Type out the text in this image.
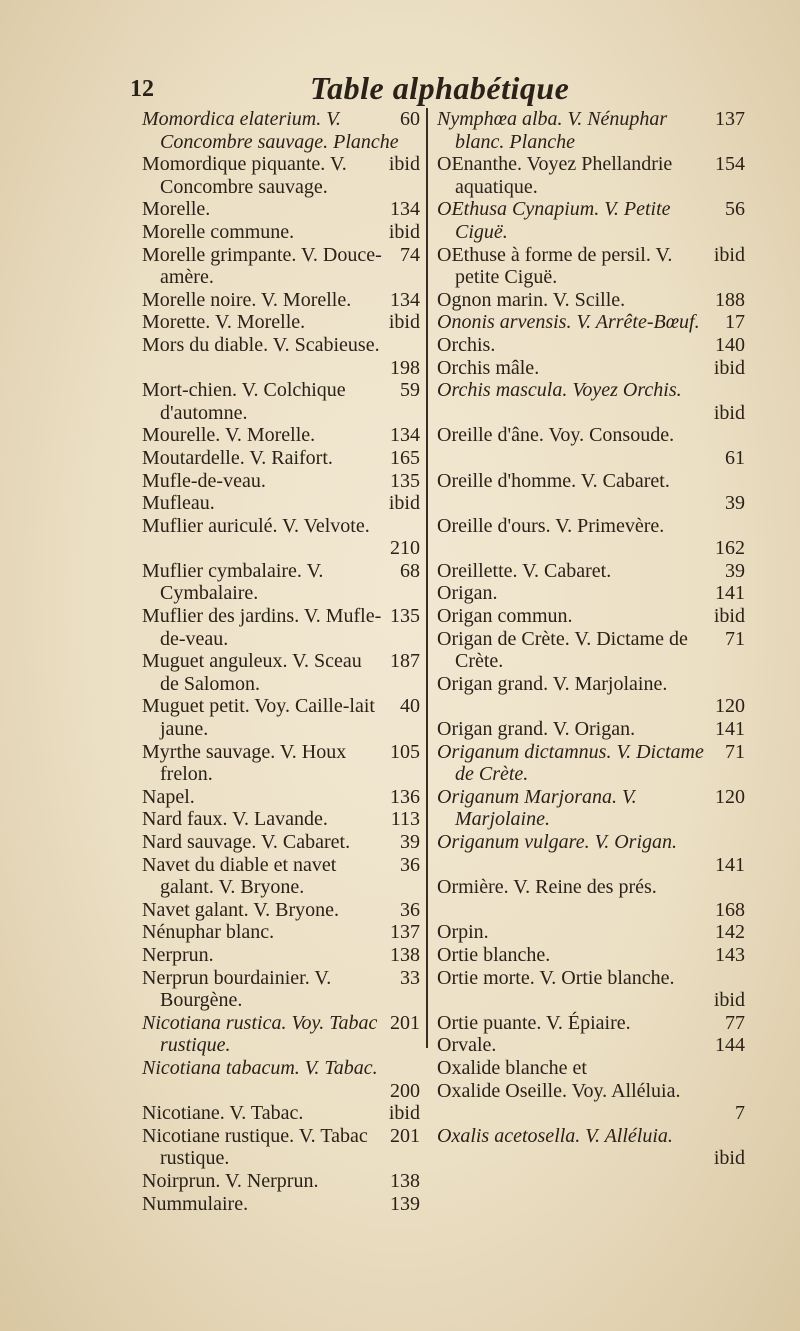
12	Table alphabétique
60
Momordica elaterium. V. Concombre sauvage. Planche
ibid
Momordique piquante. V. Concombre sauvage.
134
Morelle.
ibid
Morelle commune.
74
Morelle grimpante. V. Douce-amère.
134
Morelle noire. V. Morelle.
ibid
Morette. V. Morelle.
Mors du diable. V. Scabieuse.
198
59
Mort-chien. V. Colchique d'automne.
134
Mourelle. V. Morelle.
165
Moutardelle. V. Raifort.
135
Mufle-de-veau.
ibid
Mufleau.
Muflier auriculé. V. Velvote.
210
68
Muflier cymbalaire. V. Cymbalaire.
135
Muflier des jardins. V. Mufle-de-veau.
187
Muguet anguleux. V. Sceau de Salomon.
40
Muguet petit. Voy. Caille-lait jaune.
105
Myrthe sauvage. V. Houx frelon.
136
Napel.
113
Nard faux. V. Lavande.
39
Nard sauvage. V. Cabaret.
36
Navet du diable et navet galant. V. Bryone.
36
Navet galant. V. Bryone.
137
Nénuphar blanc.
138
Nerprun.
33
Nerprun bourdainier. V. Bourgène.
201
Nicotiana rustica. Voy. Tabac rustique.
Nicotiana tabacum. V. Tabac.
200
ibid
Nicotiane. V. Tabac.
201
Nicotiane rustique. V. Tabac rustique.
138
Noirprun. V. Nerprun.
139
Nummulaire.
137
Nymphœa alba. V. Nénuphar blanc. Planche
154
OEnanthe. Voyez Phellandrie aquatique.
56
OEthusa Cynapium. V. Petite Ciguë.
ibid
OEthuse à forme de persil. V. petite Ciguë.
188
Ognon marin. V. Scille.
17
Ononis arvensis. V. Arrête-Bœuf.
140
Orchis.
ibid
Orchis mâle.
Orchis mascula. Voyez Orchis.
ibid
Oreille d'âne. Voy. Consoude.
61
Oreille d'homme. V. Cabaret.
39
Oreille d'ours. V. Primevère.
162
39
Oreillette. V. Cabaret.
141
Origan.
ibid
Origan commun.
71
Origan de Crète. V. Dictame de Crète.
Origan grand. V. Marjolaine.
120
141
Origan grand. V. Origan.
71
Origanum dictamnus. V. Dictame de Crète.
120
Origanum Marjorana. V. Marjolaine.
Origanum vulgare. V. Origan.
141
Ormière. V. Reine des prés.
168
142
Orpin.
143
Ortie blanche.
Ortie morte. V. Ortie blanche.
ibid
77
Ortie puante. V. Épiaire.
144
Orvale.
Oxalide blanche et
Oxalide Oseille. Voy. Alléluia.
7
Oxalis acetosella. V. Alléluia.
ibid
